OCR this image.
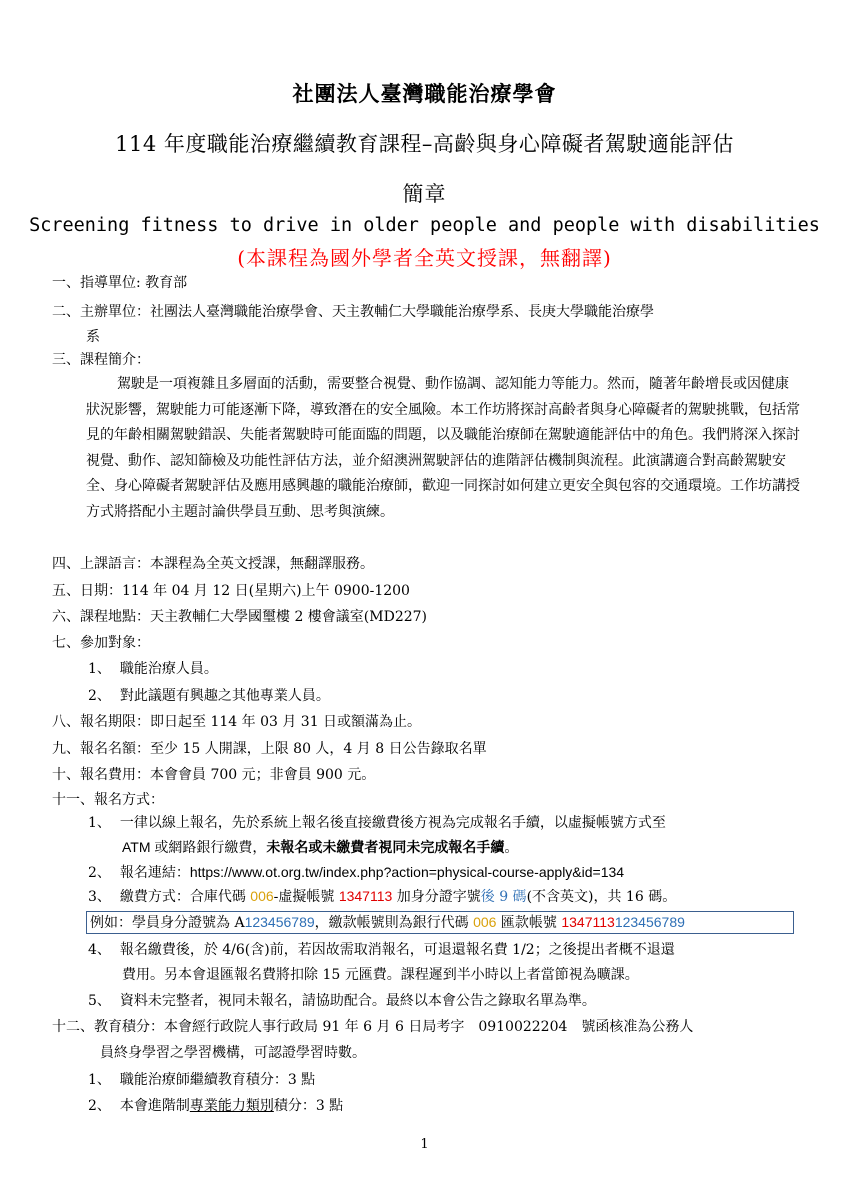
社團法人臺灣職能治療學會
114 年度職能治療繼續教育課程–高齡與身心障礙者駕駛適能評估
簡章
Screening fitness to drive in older people and people with disabilities
(本課程為國外學者全英文授課，無翻譯)
一、指導單位: 教育部
二、主辦單位：社團法人臺灣職能治療學會、天主教輔仁大學職能治療學系、長庚大學職能治療學
系
三、課程簡介：
駕駛是一項複雜且多層面的活動，需要整合視覺、動作協調、認知能力等能力。然而，隨著年齡增長或因健康狀況影響，駕駛能力可能逐漸下降，導致潛在的安全風險。本工作坊將探討高齡者與身心障礙者的駕駛挑戰，包括常見的年齡相關駕駛錯誤、失能者駕駛時可能面臨的問題，以及職能治療師在駕駛適能評估中的角色。我們將深入探討視覺、動作、認知篩檢及功能性評估方法，並介紹澳洲駕駛評估的進階評估機制與流程。此演講適合對高齡駕駛安全、身心障礙者駕駛評估及應用感興趣的職能治療師，歡迎一同探討如何建立更安全與包容的交通環境。工作坊講授方式將搭配小主題討論供學員互動、思考與演練。
四、上課語言：本課程為全英文授課，無翻譯服務。
五、日期：114 年 04 月 12 日(星期六)上午 0900-1200
六、課程地點：天主教輔仁大學國璽樓 2 樓會議室(MD227)
七、參加對象：
1、 職能治療人員。
2、 對此議題有興趣之其他專業人員。
八、報名期限：即日起至 114 年 03 月 31 日或額滿為止。
九、報名名額：至少 15 人開課，上限 80 人，4 月 8 日公告錄取名單
十、報名費用：本會會員 700 元；非會員 900 元。
十一、報名方式：
1、 一律以線上報名，先於系統上報名後直接繳費後方視為完成報名手續，以虛擬帳號方式至
ATM 或網路銀行繳費，未報名或未繳費者視同未完成報名手續。
2、 報名連結：https://www.ot.org.tw/index.php?action=physical-course-apply&id=134
3、 繳費方式：合庫代碼 006-虛擬帳號 1347113 加身分證字號後 9 碼(不含英文)，共 16 碼。
例如：學員身分證號為 A123456789，繳款帳號則為銀行代碼 006 匯款帳號 1347113123456789
4、 報名繳費後，於 4/6(含)前，若因故需取消報名，可退還報名費 1/2；之後提出者概不退還
費用。另本會退匯報名費將扣除 15 元匯費。課程遲到半小時以上者當節視為曠課。
5、 資料未完整者，視同未報名，請協助配合。最終以本會公告之錄取名單為準。
十二、教育積分：本會經行政院人事行政局 91 年 6 月 6 日局考字　0910022204　號函核准為公務人
員終身學習之學習機構，可認證學習時數。
1、 職能治療師繼續教育積分：3 點
2、 本會進階制專業能力類別積分：3 點
1
